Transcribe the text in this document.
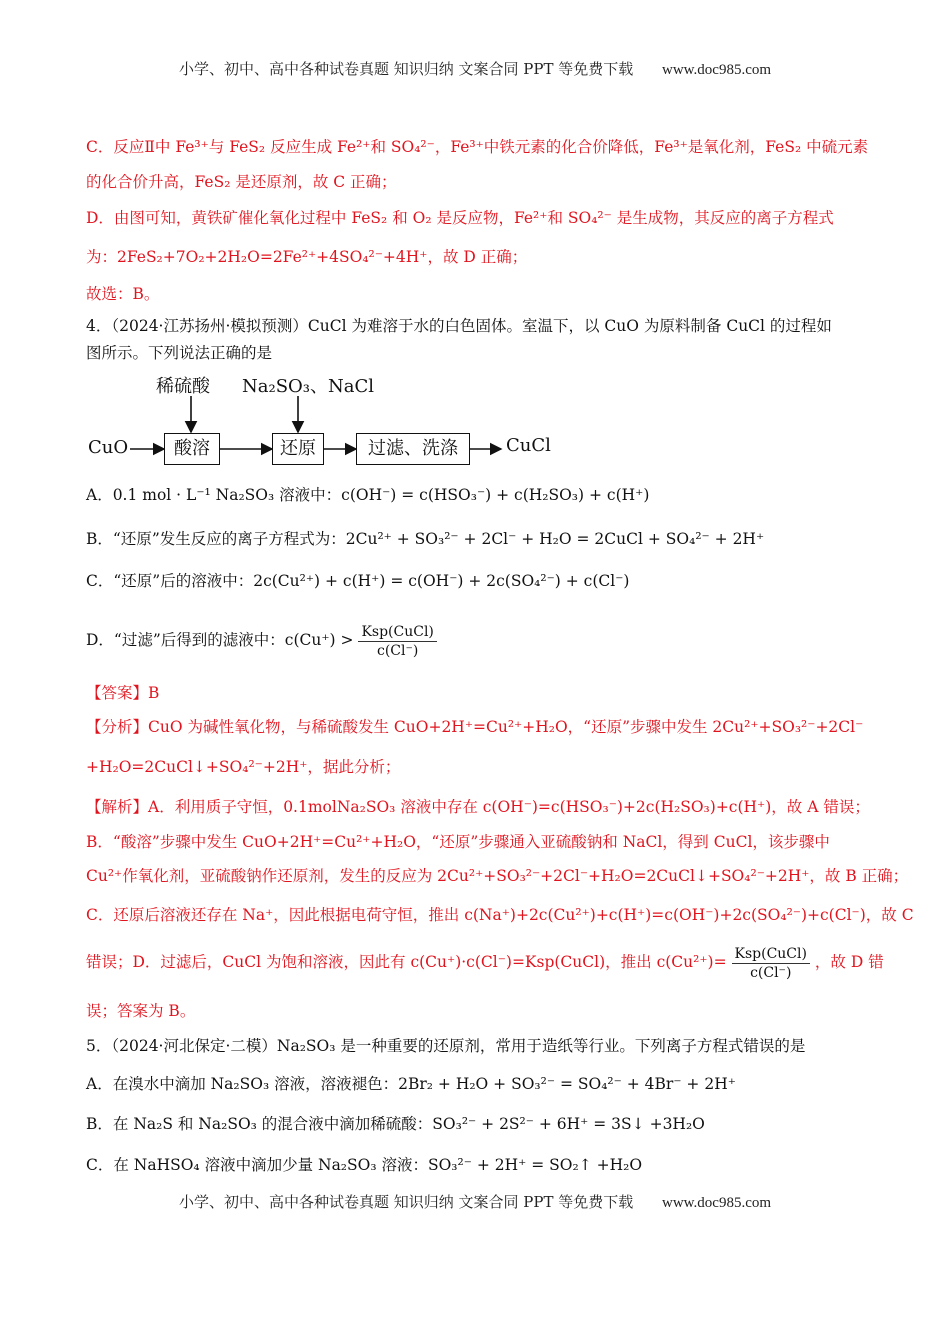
小学、初中、高中各种试卷真题 知识归纳 文案合同 PPT 等免费下载 www.doc985.com
C．反应Ⅱ中 Fe³⁺与 FeS₂ 反应生成 Fe²⁺和 SO₄²⁻，Fe³⁺中铁元素的化合价降低，Fe³⁺是氧化剂，FeS₂ 中硫元素
的化合价升高，FeS₂ 是还原剂，故 C 正确；
D．由图可知，黄铁矿催化氧化过程中 FeS₂ 和 O₂ 是反应物，Fe²⁺和 SO₄²⁻ 是生成物，其反应的离子方程式
为：2FeS₂+7O₂+2H₂O=2Fe²⁺+4SO₄²⁻+4H⁺，故 D 正确；
故选：B。
4．（2024·江苏扬州·模拟预测）CuCl 为难溶于水的白色固体。室温下，以 CuO 为原料制备 CuCl 的过程如
图所示。下列说法正确的是
稀硫酸 Na₂SO₃、NaCl
CuO	酸溶	还原	过滤、洗涤	CuCl
A．0.1 mol · L⁻¹ Na₂SO₃ 溶液中：c(OH⁻) = c(HSO₃⁻) + c(H₂SO₃) + c(H⁺)
B．“还原”发生反应的离子方程式为：2Cu²⁺ + SO₃²⁻ + 2Cl⁻ + H₂O = 2CuCl + SO₄²⁻ + 2H⁺
C．“还原”后的溶液中：2c(Cu²⁺) + c(H⁺) = c(OH⁻) + 2c(SO₄²⁻) + c(Cl⁻)
D．“过滤”后得到的滤液中：$c(Cu^+) > \frac{\text{Ksp(CuCl)}}{c(Cl^-)}$
【答案】B
【分析】CuO 为碱性氧化物，与稀硫酸发生 CuO+2H⁺=Cu²⁺+H₂O，“还原”步骤中发生 2Cu²⁺+SO₃²⁻+2Cl⁻
+H₂O=2CuCl↓+SO₄²⁻+2H⁺，据此分析；
【解析】A．利用质子守恒，0.1molNa₂SO₃ 溶液中存在 c(OH⁻)=c(HSO₃⁻)+2c(H₂SO₃)+c(H⁺)，故 A 错误；
B．“酸溶”步骤中发生 CuO+2H⁺=Cu²⁺+H₂O，“还原”步骤通入亚硫酸钠和 NaCl，得到 CuCl，该步骤中
Cu²⁺作氧化剂，亚硫酸钠作还原剂，发生的反应为 2Cu²⁺+SO₃²⁻+2Cl⁻+H₂O=2CuCl↓+SO₄²⁻+2H⁺，故 B 正确；
C．还原后溶液还存在 Na⁺，因此根据电荷守恒，推出 c(Na⁺)+2c(Cu²⁺)+c(H⁺)=c(OH⁻)+2c(SO₄²⁻)+c(Cl⁻)，故 C
错误；D．过滤后，CuCl 为饱和溶液，因此有 c(Cu⁺)·c(Cl⁻)=Ksp(CuCl)，推出 $c(Cu^{2+})= \frac{\text{Ksp(CuCl)}}{c(Cl^-)}$ ，故 D 错
误；答案为 B。
5．（2024·河北保定·二模）Na₂SO₃ 是一种重要的还原剂，常用于造纸等行业。下列离子方程式错误的是
A．在溴水中滴加 Na₂SO₃ 溶液，溶液褪色：2Br₂ + H₂O + SO₃²⁻ = SO₄²⁻ + 4Br⁻ + 2H⁺
B．在 Na₂S 和 Na₂SO₃ 的混合液中滴加稀硫酸：SO₃²⁻ + 2S²⁻ + 6H⁺ = 3S↓ +3H₂O
C．在 NaHSO₄ 溶液中滴加少量 Na₂SO₃ 溶液：SO₃²⁻ + 2H⁺ = SO₂↑ +H₂O
小学、初中、高中各种试卷真题 知识归纳 文案合同 PPT 等免费下载 www.doc985.com
